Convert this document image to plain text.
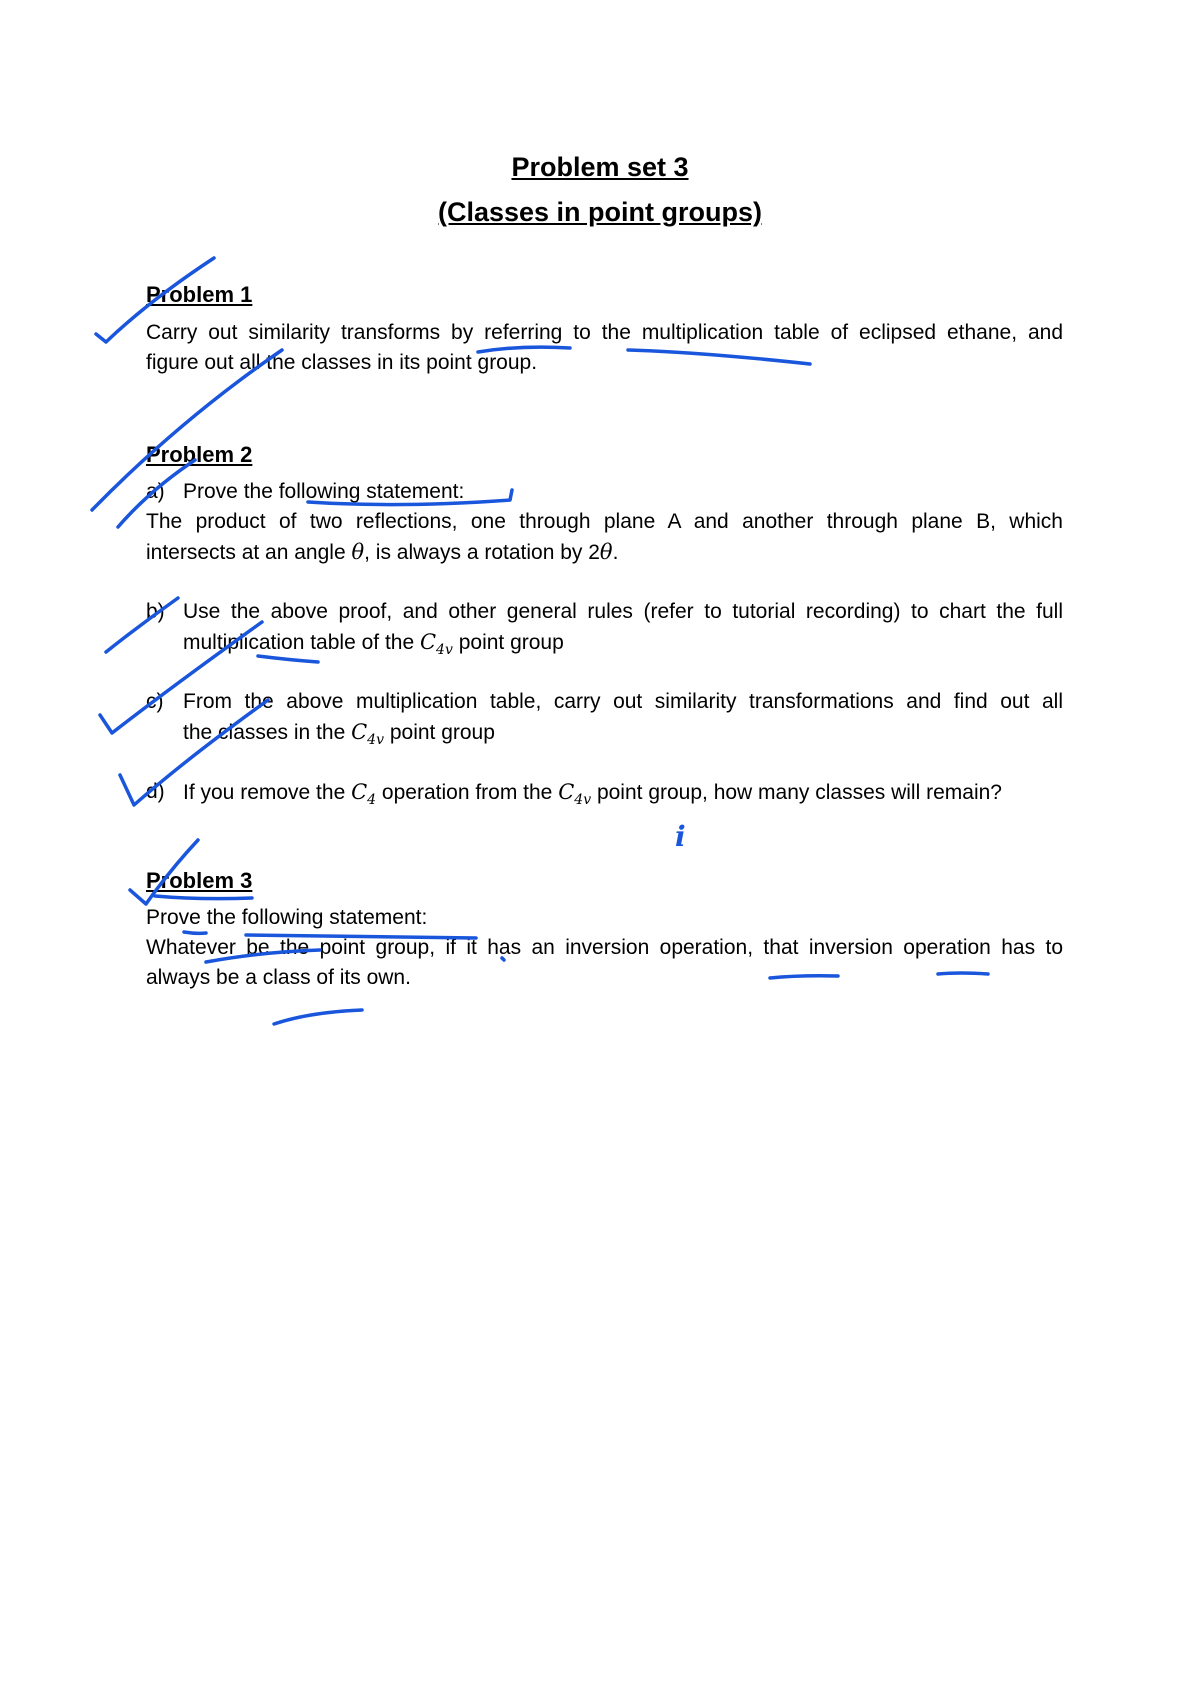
Problem set 3
(Classes in point groups)
Problem 1
Carry out similarity transforms by referring to the multiplication table of eclipsed ethane, and
figure out all the classes in its point group.
Problem 2
a) Prove the following statement:
The product of two reflections, one through plane A and another through plane B, which
intersects at an angle θ, is always a rotation by 2θ.
b) Use the above proof, and other general rules (refer to tutorial recording) to chart the full
multiplication table of the $C_{4v}$ point group
c) From the above multiplication table, carry out similarity transformations and find out all
the classes in the $C_{4v}$ point group
d) If you remove the $C_4$ operation from the $C_{4v}$ point group, how many classes will remain?
Problem 3
Prove the following statement:
Whatever be the point group, if it has an inversion operation, that inversion operation has to
always be a class of its own.
i
